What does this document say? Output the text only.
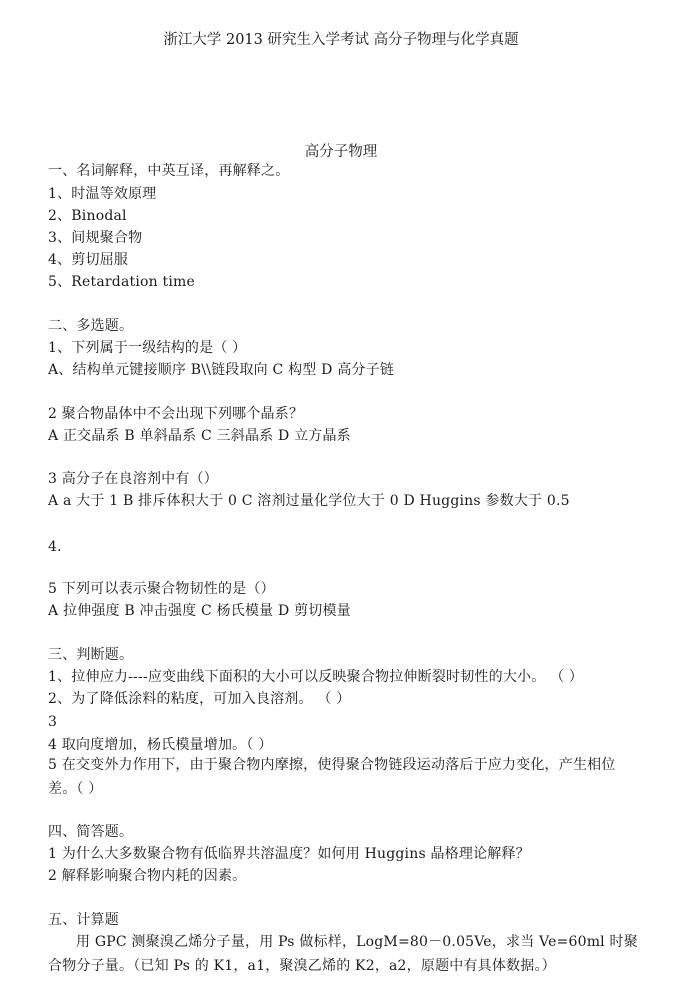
浙江大学 2013 研究生入学考试 高分子物理与化学真题
高分子物理
一、名词解释，中英互译，再解释之。
1、时温等效原理
2、Binodal
3、间规聚合物
4、剪切屈服
5、Retardation time
二、多选题。
1、下列属于一级结构的是（ ）
A、结构单元键接顺序 B\\链段取向 C 构型 D 高分子链
2 聚合物晶体中不会出现下列哪个晶系？
A 正交晶系 B 单斜晶系 C 三斜晶系 D 立方晶系
3 高分子在良溶剂中有（）
A a 大于 1 B 排斥体积大于 0 C 溶剂过量化学位大于 0 D Huggins 参数大于 0.5
4.
5 下列可以表示聚合物韧性的是（）
A 拉伸强度 B 冲击强度 C 杨氏模量 D 剪切模量
三、判断题。
1、拉伸应力----应变曲线下面积的大小可以反映聚合物拉伸断裂时韧性的大小。 （ ）
2、为了降低涂料的粘度，可加入良溶剂。 （ ）
3
4 取向度增加，杨氏模量增加。（ ）
5 在交变外力作用下，由于聚合物内摩擦，使得聚合物链段运动落后于应力变化，产生相位差。（ ）
四、简答题。
1 为什么大多数聚合物有低临界共溶温度？如何用 Huggins 晶格理论解释？
2 解释影响聚合物内耗的因素。
五、计算题
用 GPC 测聚溴乙烯分子量，用 Ps 做标样，LogM=80－0.05Ve，求当 Ve=60ml 时聚合物分子量。（已知 Ps 的 K1，a1，聚溴乙烯的 K2，a2，原题中有具体数据。）
